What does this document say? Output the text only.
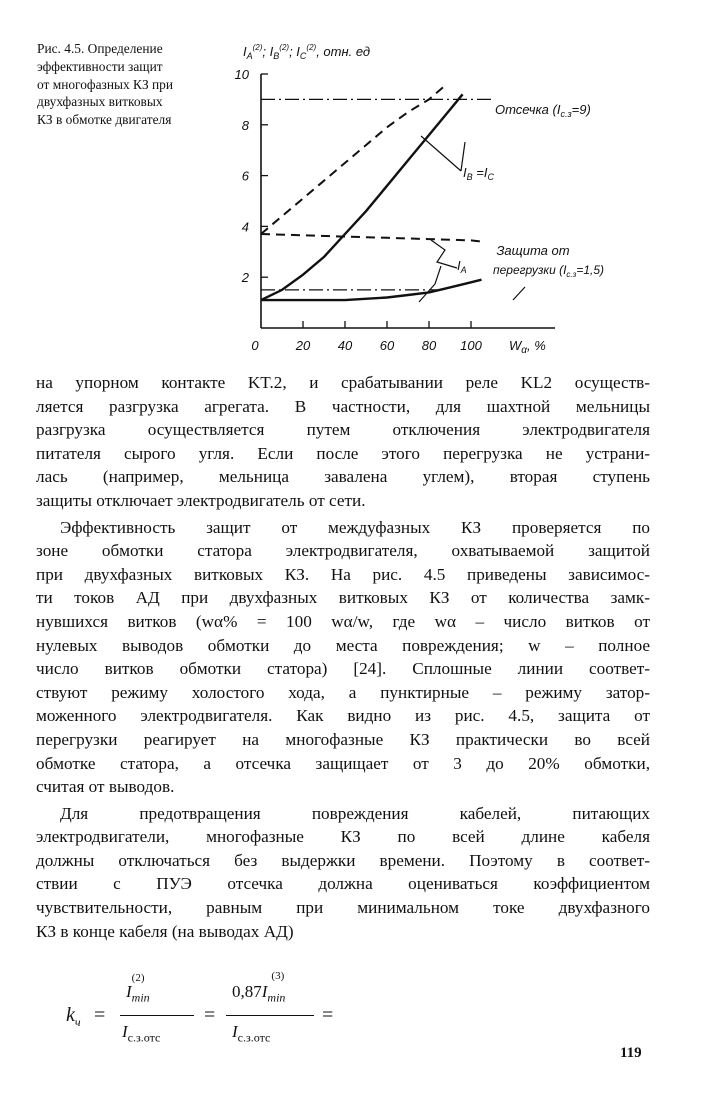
Рис. 4.5. Определение
эффективности защит
от многофазных КЗ при
двухфазных витковых
КЗ в обмотке двигателя
2
4
6
8
10
0	20 40 60 80 100
$I_B =I_C$
$I_A$
Отсечка $(I_{с.з}=9)$
Защита от
перегрузки $(I_{с.з}=1,5)$
$I_A^{(2)}$; $I_B^{(2)}$; $I_C^{(2)}$, отн. ед
$W_\alpha$, %
на упорном контакте KT.2, и срабатывании реле KL2 осуществ-
ляется разгрузка агрегата. В частности, для шахтной мельницы
разгрузка осуществляется путем отключения электродвигателя
питателя сырого угля. Если после этого перегрузка не устрани-
лась (например, мельница завалена углем), вторая ступень
защиты отключает электродвигатель от сети.
Эффективность защит от междуфазных КЗ проверяется по
зоне обмотки статора электродвигателя, охватываемой защитой
при двухфазных витковых КЗ. На рис. 4.5 приведены зависимос-
ти токов АД при двухфазных витковых КЗ от количества замк-
нувшихся витков (wα% = 100 wα/w, где wα – число витков от
нулевых выводов обмотки до места повреждения; w – полное
число витков обмотки статора) [24]. Сплошные линии соответ-
ствуют режиму холостого хода, а пунктирные – режиму затор-
моженного электродвигателя. Как видно из рис. 4.5, защита от
перегрузки реагирует на многофазные КЗ практически во всей
обмотке статора, а отсечка защищает от 3 до 20% обмотки,
считая от выводов.
Для предотвращения повреждения кабелей, питающих
электродвигатели, многофазные КЗ по всей длине кабеля
должны отключаться без выдержки времени. Поэтому в соответ-
ствии с ПУЭ отсечка должна оцениваться коэффициентом
чувствительности, равным при минимальном токе двухфазного
КЗ в конце кабеля (на выводах АД)
$k_ч$ =
I
(2)
$_{min}$
$I_{с.з.отс}$
=
0,87I
(3)
$_{min}$
$I_{с.з.отс}$
=
119
